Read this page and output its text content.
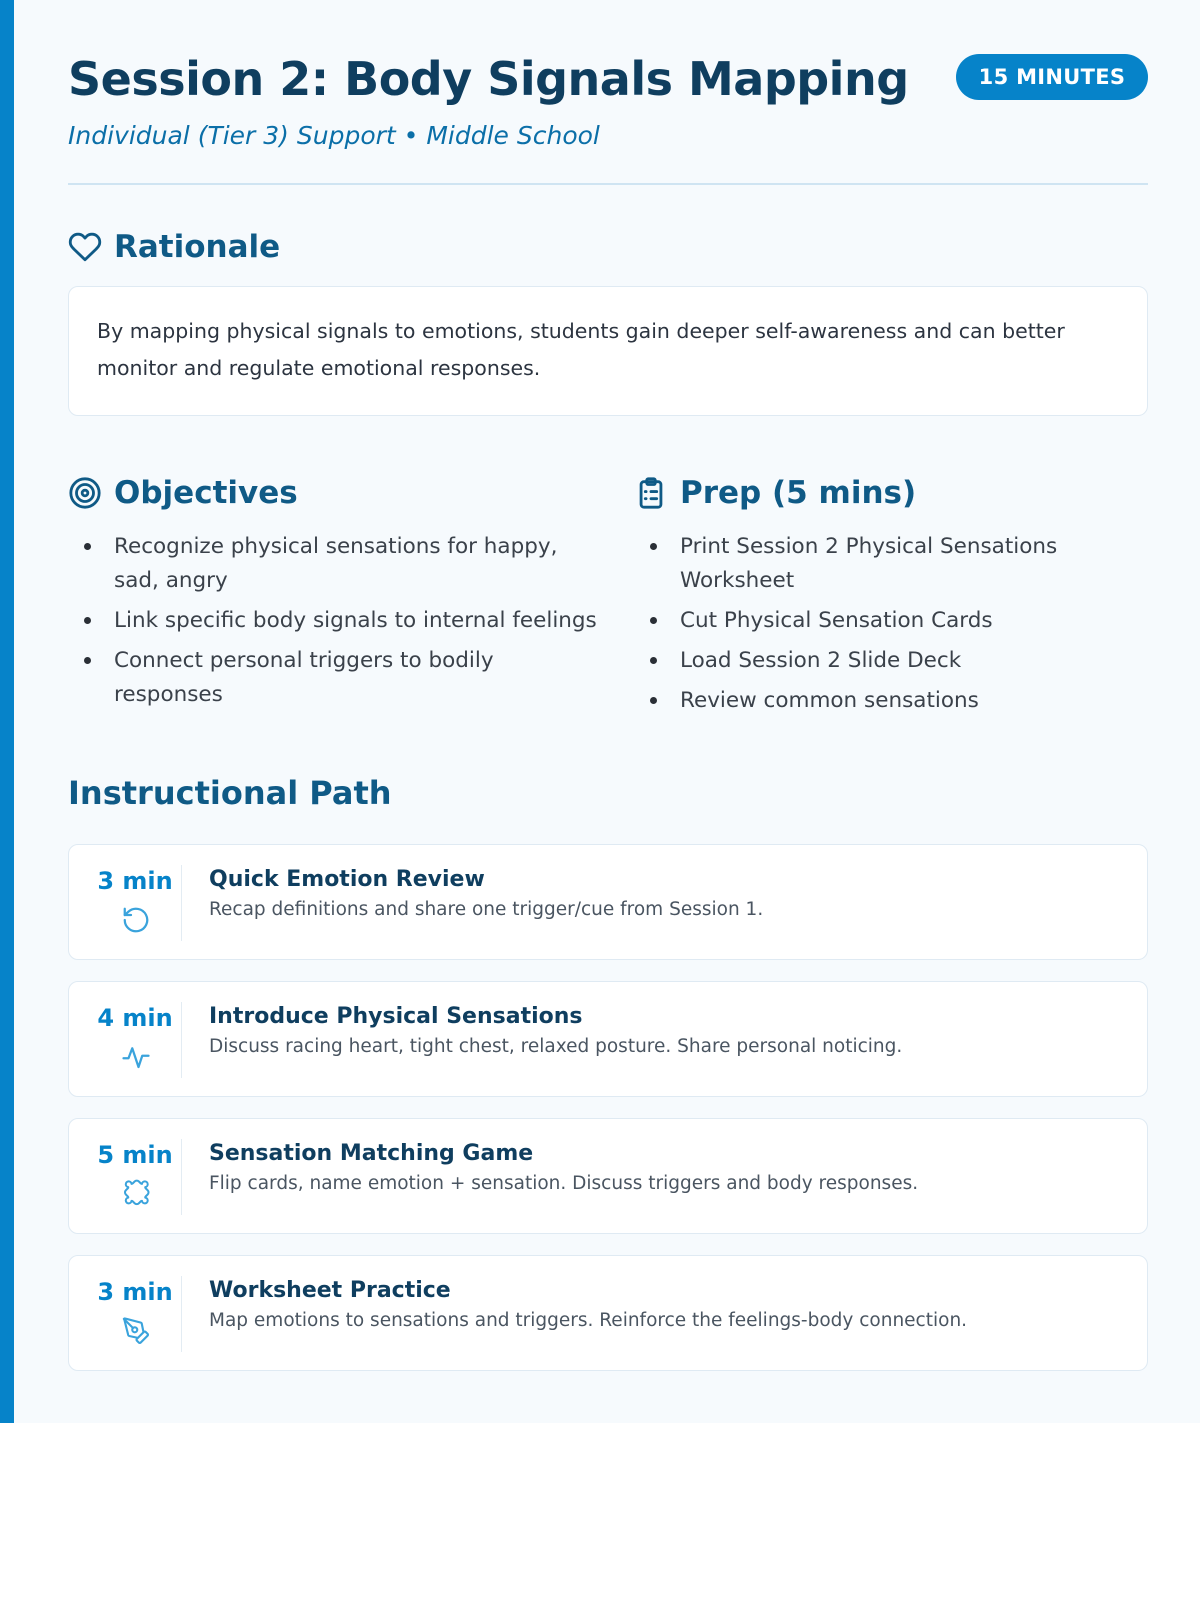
Session 2: Body Signals Mapping
Individual (Tier 3) Support • Middle School
15 MINUTES
Rationale

By mapping physical signals to emotions, students gain deeper self-awareness and can better monitor and regulate emotional responses.

Objectives
Recognize physical sensations for happy, sad, angry
Link specific body signals to internal feelings
Connect personal triggers to bodily responses
Prep (5 mins)
Print Session 2 Physical Sensations Worksheet
Cut Physical Sensation Cards
Load Session 2 Slide Deck
Review common sensations
Instructional Path
3 min	Quick Emotion Review
Recap definitions and share one trigger/cue from Session 1.
4 min	Introduce Physical Sensations
Discuss racing heart, tight chest, relaxed posture. Share personal noticing.
5 min	Sensation Matching Game
Flip cards, name emotion + sensation. Discuss triggers and body responses.
3 min	Worksheet Practice
Map emotions to sensations and triggers. Reinforce the feelings-body connection.
